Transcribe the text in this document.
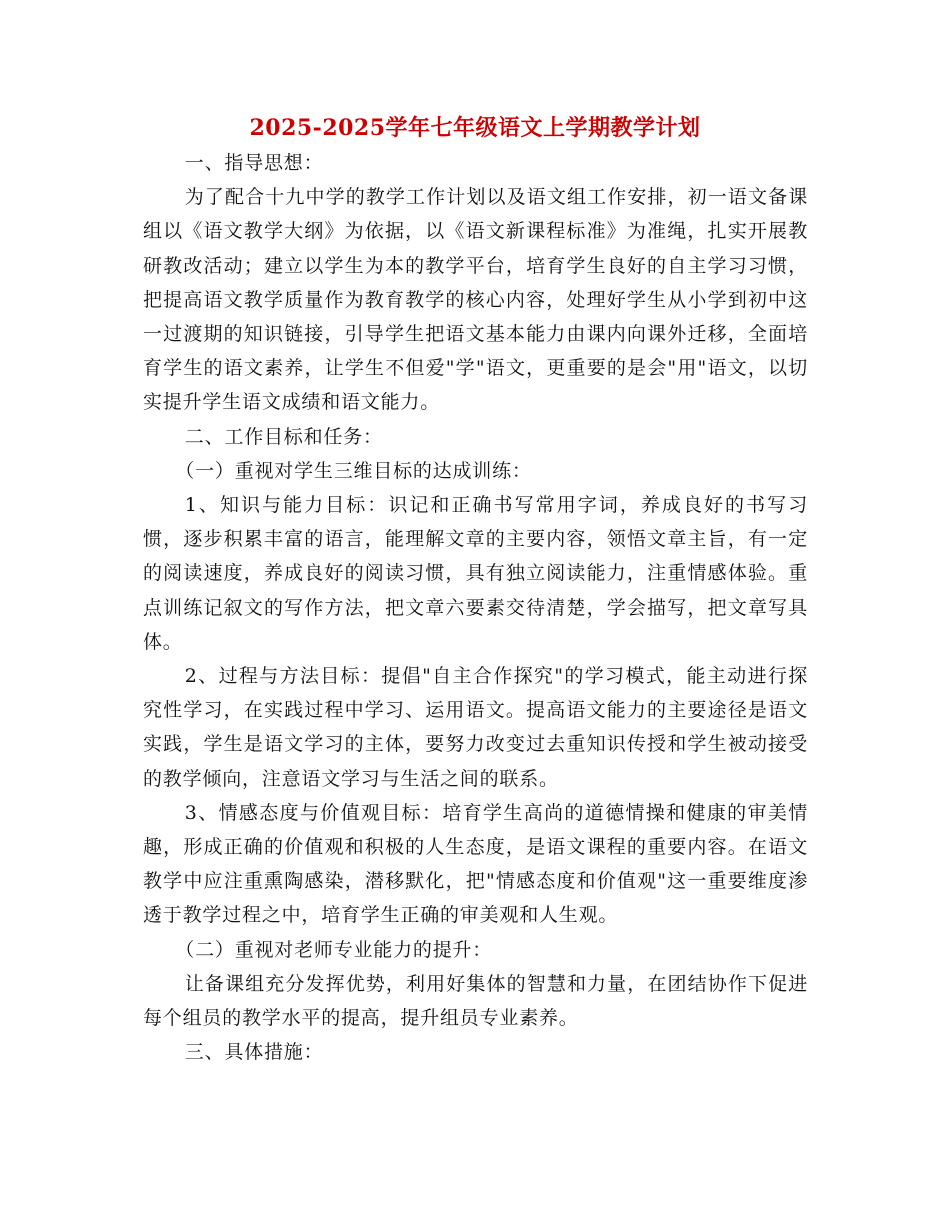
2025-2025学年七年级语文上学期教学计划

一、指导思想：

为了配合十九中学的教学工作计划以及语文组工作安排，初一语文备课组以《语文教学大纲》为依据，以《语文新课程标准》为准绳，扎实开展教研教改活动；建立以学生为本的教学平台，培育学生良好的自主学习习惯，把提高语文教学质量作为教育教学的核心内容，处理好学生从小学到初中这一过渡期的知识链接，引导学生把语文基本能力由课内向课外迁移，全面培育学生的语文素养，让学生不但爱"学"语文，更重要的是会"用"语文，以切实提升学生语文成绩和语文能力。

二、工作目标和任务：

（一）重视对学生三维目标的达成训练：

1、知识与能力目标：识记和正确书写常用字词，养成良好的书写习惯，逐步积累丰富的语言，能理解文章的主要内容，领悟文章主旨，有一定的阅读速度，养成良好的阅读习惯，具有独立阅读能力，注重情感体验。重点训练记叙文的写作方法，把文章六要素交待清楚，学会描写，把文章写具体。

2、过程与方法目标：提倡"自主合作探究"的学习模式，能主动进行探究性学习，在实践过程中学习、运用语文。提高语文能力的主要途径是语文实践，学生是语文学习的主体，要努力改变过去重知识传授和学生被动接受的教学倾向，注意语文学习与生活之间的联系。

3、情感态度与价值观目标：培育学生高尚的道德情操和健康的审美情趣，形成正确的价值观和积极的人生态度，是语文课程的重要内容。在语文教学中应注重熏陶感染，潜移默化，把"情感态度和价值观"这一重要维度渗透于教学过程之中，培育学生正确的审美观和人生观。

（二）重视对老师专业能力的提升：

让备课组充分发挥优势，利用好集体的智慧和力量，在团结协作下促进每个组员的教学水平的提高，提升组员专业素养。

三、具体措施：
